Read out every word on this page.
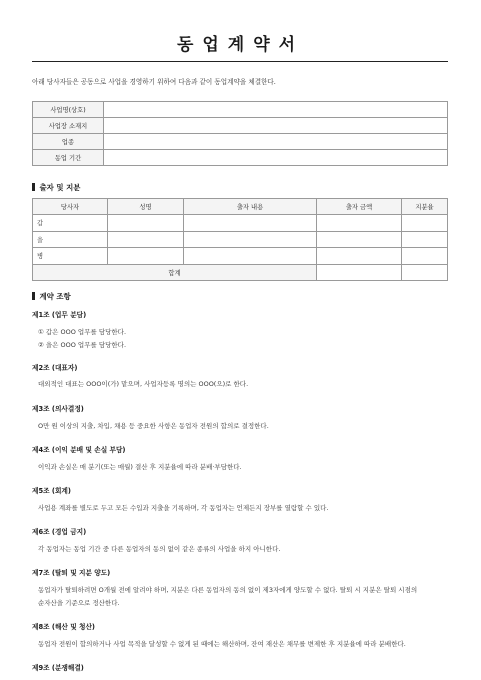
동업계약서
아래 당사자들은 공동으로 사업을 경영하기 위하여 다음과 같이 동업계약을 체결한다.
사업명(상호)	
사업장 소재지	
업종	
동업 기간	
출자 및 지분
당사자	성명	출자 내용	출자 금액	지분율
갑				
을				
병				
합계				
계약 조항
제1조 (업무 분담)
① 갑은 OOO 업무를 담당한다.
② 을은 OOO 업무를 담당한다.
제2조 (대표자)
대외적인 대표는 OOO이(가) 맡으며, 사업자등록 명의는 OOO(으)로 한다.
제3조 (의사결정)
O만 원 이상의 지출, 차입, 채용 등 중요한 사항은 동업자 전원의 합의로 결정한다.
제4조 (이익 분배 및 손실 부담)
이익과 손실은 매 분기(또는 매월) 결산 후 지분율에 따라 분배·부담한다.
제5조 (회계)
사업용 계좌를 별도로 두고 모든 수입과 지출을 기록하며, 각 동업자는 언제든지 장부를 열람할 수 있다.
제6조 (경업 금지)
각 동업자는 동업 기간 중 다른 동업자의 동의 없이 같은 종류의 사업을 하지 아니한다.
제7조 (탈퇴 및 지분 양도)
동업자가 탈퇴하려면 O개월 전에 알려야 하며, 지분은 다른 동업자의 동의 없이 제3자에게 양도할 수 없다. 탈퇴 시 지분은 탈퇴 시점의
순자산을 기준으로 정산한다.
제8조 (해산 및 청산)
동업자 전원이 합의하거나 사업 목적을 달성할 수 없게 된 때에는 해산하며, 잔여 재산은 채무를 변제한 후 지분율에 따라 분배한다.
제9조 (분쟁해결)
